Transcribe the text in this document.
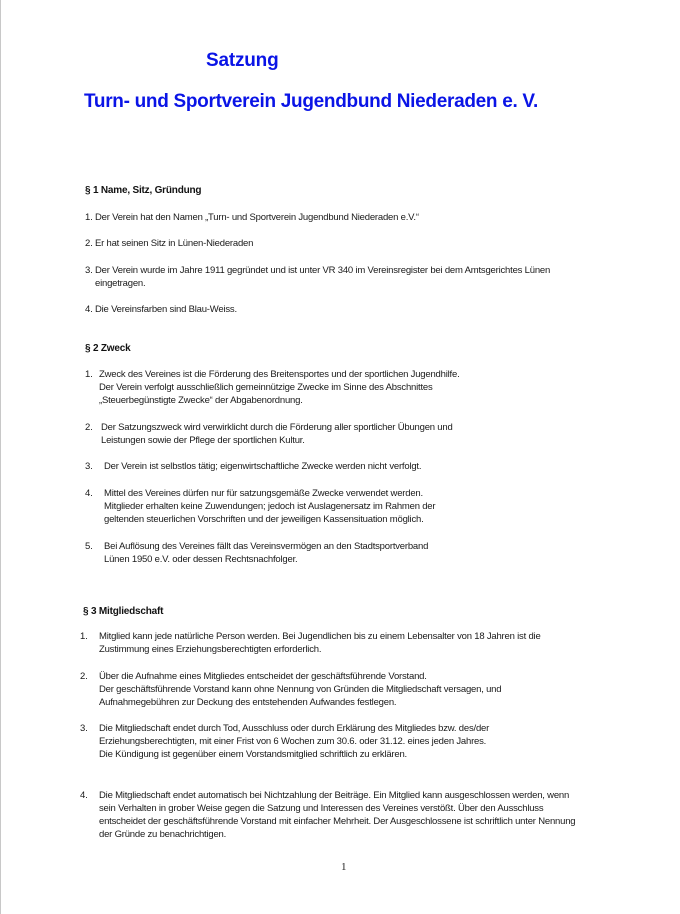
Satzung
Turn- und Sportverein Jugendbund Niederaden e. V.
§ 1 Name, Sitz, Gründung
1. Der Verein hat den Namen „Turn- und Sportverein Jugendbund Niederaden e.V.“
2. Er hat seinen Sitz in Lünen-Niederaden
3. Der Verein wurde im Jahre 1911 gegründet und ist unter VR 340 im Vereinsregister bei dem Amtsgerichtes Lünen
eingetragen.
4. Die Vereinsfarben sind Blau-Weiss.
§ 2 Zweck
1. Zweck des Vereines ist die Förderung des Breitensportes und der sportlichen Jugendhilfe.
Der Verein verfolgt ausschließlich gemeinnützige Zwecke im Sinne des Abschnittes
„Steuerbegünstigte Zwecke“ der Abgabenordnung.
2. Der Satzungszweck wird verwirklicht durch die Förderung aller sportlicher Übungen und
Leistungen sowie der Pflege der sportlichen Kultur.
3.	Der Verein ist selbstlos tätig; eigenwirtschaftliche Zwecke werden nicht verfolgt.
4.	Mittel des Vereines dürfen nur für satzungsgemäße Zwecke verwendet werden.
Mitglieder erhalten keine Zuwendungen; jedoch ist Auslagenersatz im Rahmen der
geltenden steuerlichen Vorschriften und der jeweiligen Kassensituation möglich.
5.	Bei Auflösung des Vereines fällt das Vereinsvermögen an den Stadtsportverband
Lünen 1950 e.V. oder dessen Rechtsnachfolger.
§ 3 Mitgliedschaft
1.	Mitglied kann jede natürliche Person werden. Bei Jugendlichen bis zu einem Lebensalter von 18 Jahren ist die
Zustimmung eines Erziehungsberechtigten erforderlich.
2.	Über die Aufnahme eines Mitgliedes entscheidet der geschäftsführende Vorstand.
Der geschäftsführende Vorstand kann ohne Nennung von Gründen die Mitgliedschaft versagen, und
Aufnahmegebühren zur Deckung des entstehenden Aufwandes festlegen.
3.	Die Mitgliedschaft endet durch Tod, Ausschluss oder durch Erklärung des Mitgliedes bzw. des/der
Erziehungsberechtigten, mit einer Frist von 6 Wochen zum 30.6. oder 31.12. eines jeden Jahres.
Die Kündigung ist gegenüber einem Vorstandsmitglied schriftlich zu erklären.
4.	Die Mitgliedschaft endet automatisch bei Nichtzahlung der Beiträge. Ein Mitglied kann ausgeschlossen werden, wenn
sein Verhalten in grober Weise gegen die Satzung und Interessen des Vereines verstößt. Über den Ausschluss
entscheidet der geschäftsführende Vorstand mit einfacher Mehrheit. Der Ausgeschlossene ist schriftlich unter Nennung
der Gründe zu benachrichtigen.
1
